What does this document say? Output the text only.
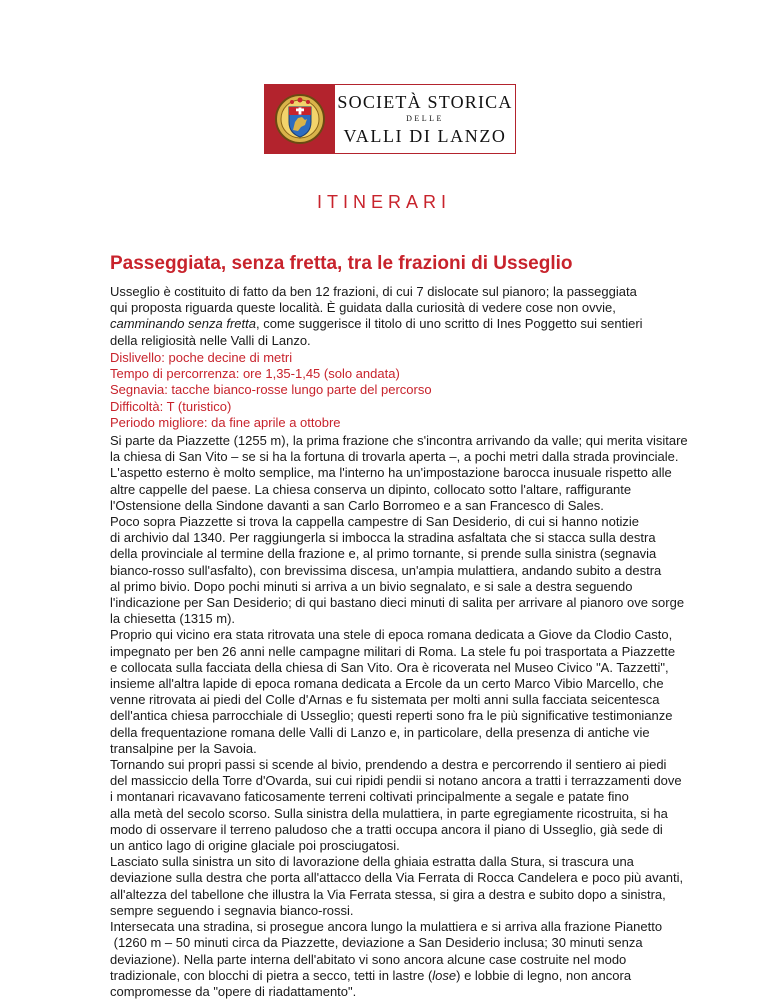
SOCIETÀ STORICA
DELLE
VALLI DI LANZO
ITINERARI
Passeggiata, senza fretta, tra le frazioni di Usseglio

Usseglio è costituito di fatto da ben 12 frazioni, di cui 7 dislocate sul pianoro; la passeggiata
qui proposta riguarda queste località. È guidata dalla curiosità di vedere cose non ovvie,
camminando senza fretta, come suggerisce il titolo di uno scritto di Ines Poggetto sui sentieri
della religiosità nelle Valli di Lanzo.

Dislivello: poche decine di metri
Tempo di percorrenza: ore 1,35-1,45 (solo andata)
Segnavia: tacche bianco-rosse lungo parte del percorso
Difficoltà: T (turistico)
Periodo migliore: da fine aprile a ottobre

Si parte da Piazzette (1255 m), la prima frazione che s'incontra arrivando da valle; qui merita visitare
la chiesa di San Vito – se si ha la fortuna di trovarla aperta –, a pochi metri dalla strada provinciale.
L'aspetto esterno è molto semplice, ma l'interno ha un'impostazione barocca inusuale rispetto alle
altre cappelle del paese. La chiesa conserva un dipinto, collocato sotto l'altare, raffigurante
l'Ostensione della Sindone davanti a san Carlo Borromeo e a san Francesco di Sales.
Poco sopra Piazzette si trova la cappella campestre di San Desiderio, di cui si hanno notizie
di archivio dal 1340. Per raggiungerla si imbocca la stradina asfaltata che si stacca sulla destra
della provinciale al termine della frazione e, al primo tornante, si prende sulla sinistra (segnavia
bianco-rosso sull'asfalto), con brevissima discesa, un'ampia mulattiera, andando subito a destra
al primo bivio. Dopo pochi minuti si arriva a un bivio segnalato, e si sale a destra seguendo
l'indicazione per San Desiderio; di qui bastano dieci minuti di salita per arrivare al pianoro ove sorge
la chiesetta (1315 m).
Proprio qui vicino era stata ritrovata una stele di epoca romana dedicata a Giove da Clodio Casto,
impegnato per ben 26 anni nelle campagne militari di Roma. La stele fu poi trasportata a Piazzette
e collocata sulla facciata della chiesa di San Vito. Ora è ricoverata nel Museo Civico "A. Tazzetti",
insieme all'altra lapide di epoca romana dedicata a Ercole da un certo Marco Vibio Marcello, che
venne ritrovata ai piedi del Colle d'Arnas e fu sistemata per molti anni sulla facciata seicentesca
dell'antica chiesa parrocchiale di Usseglio; questi reperti sono fra le più significative testimonianze
della frequentazione romana delle Valli di Lanzo e, in particolare, della presenza di antiche vie
transalpine per la Savoia.
Tornando sui propri passi si scende al bivio, prendendo a destra e percorrendo il sentiero ai piedi
del massiccio della Torre d'Ovarda, sui cui ripidi pendii si notano ancora a tratti i terrazzamenti dove
i montanari ricavavano faticosamente terreni coltivati principalmente a segale e patate fino
alla metà del secolo scorso. Sulla sinistra della mulattiera, in parte egregiamente ricostruita, si ha
modo di osservare il terreno paludoso che a tratti occupa ancora il piano di Usseglio, già sede di
un antico lago di origine glaciale poi prosciugatosi.
Lasciato sulla sinistra un sito di lavorazione della ghiaia estratta dalla Stura, si trascura una
deviazione sulla destra che porta all'attacco della Via Ferrata di Rocca Candelera e poco più avanti,
all'altezza del tabellone che illustra la Via Ferrata stessa, si gira a destra e subito dopo a sinistra,
sempre seguendo i segnavia bianco-rossi.
Intersecata una stradina, si prosegue ancora lungo la mulattiera e si arriva alla frazione Pianetto
(1260 m – 50 minuti circa da Piazzette, deviazione a San Desiderio inclusa; 30 minuti senza
deviazione). Nella parte interna dell'abitato vi sono ancora alcune case costruite nel modo
tradizionale, con blocchi di pietra a secco, tetti in lastre (lose) e lobbie di legno, non ancora
compromesse da "opere di riadattamento".
